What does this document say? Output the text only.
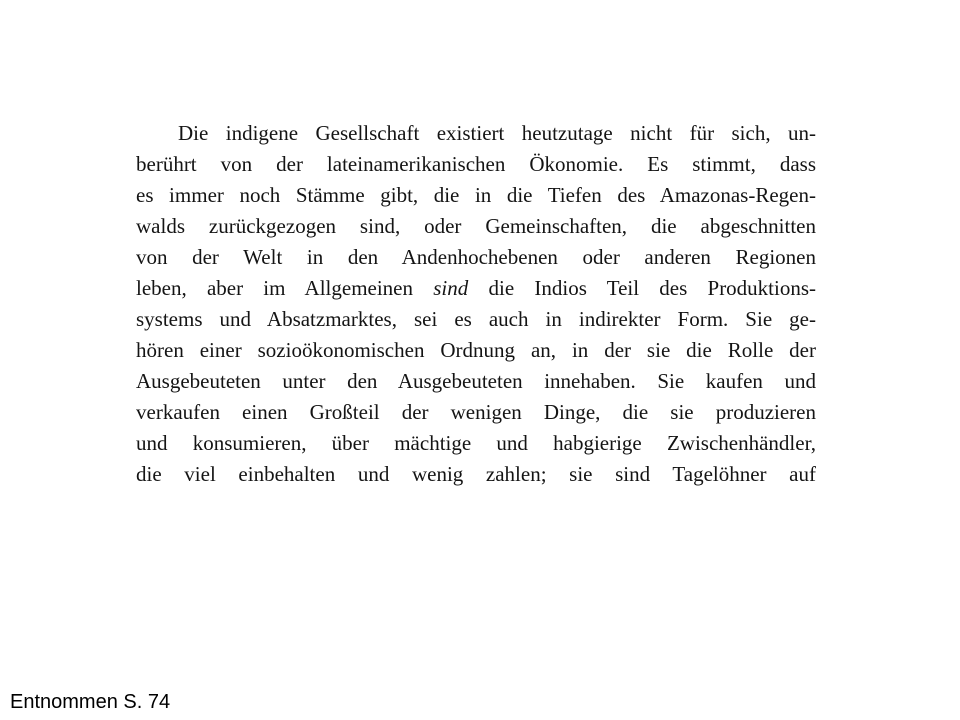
Die indigene Gesellschaft existiert heutzutage nicht für sich, un-
berührt von der lateinamerikanischen Ökonomie. Es stimmt, dass
es immer noch Stämme gibt, die in die Tiefen des Amazonas-Regen-
walds zurückgezogen sind, oder Gemeinschaften, die abgeschnitten
von der Welt in den Andenhochebenen oder anderen Regionen
leben, aber im Allgemeinen sind die Indios Teil des Produktions-
systems und Absatzmarktes, sei es auch in indirekter Form. Sie ge-
hören einer sozioökonomischen Ordnung an, in der sie die Rolle der
Ausgebeuteten unter den Ausgebeuteten innehaben. Sie kaufen und
verkaufen einen Großteil der wenigen Dinge, die sie produzieren
und konsumieren, über mächtige und habgierige Zwischenhändler,
die viel einbehalten und wenig zahlen; sie sind Tagelöhner auf
Entnommen S. 74
